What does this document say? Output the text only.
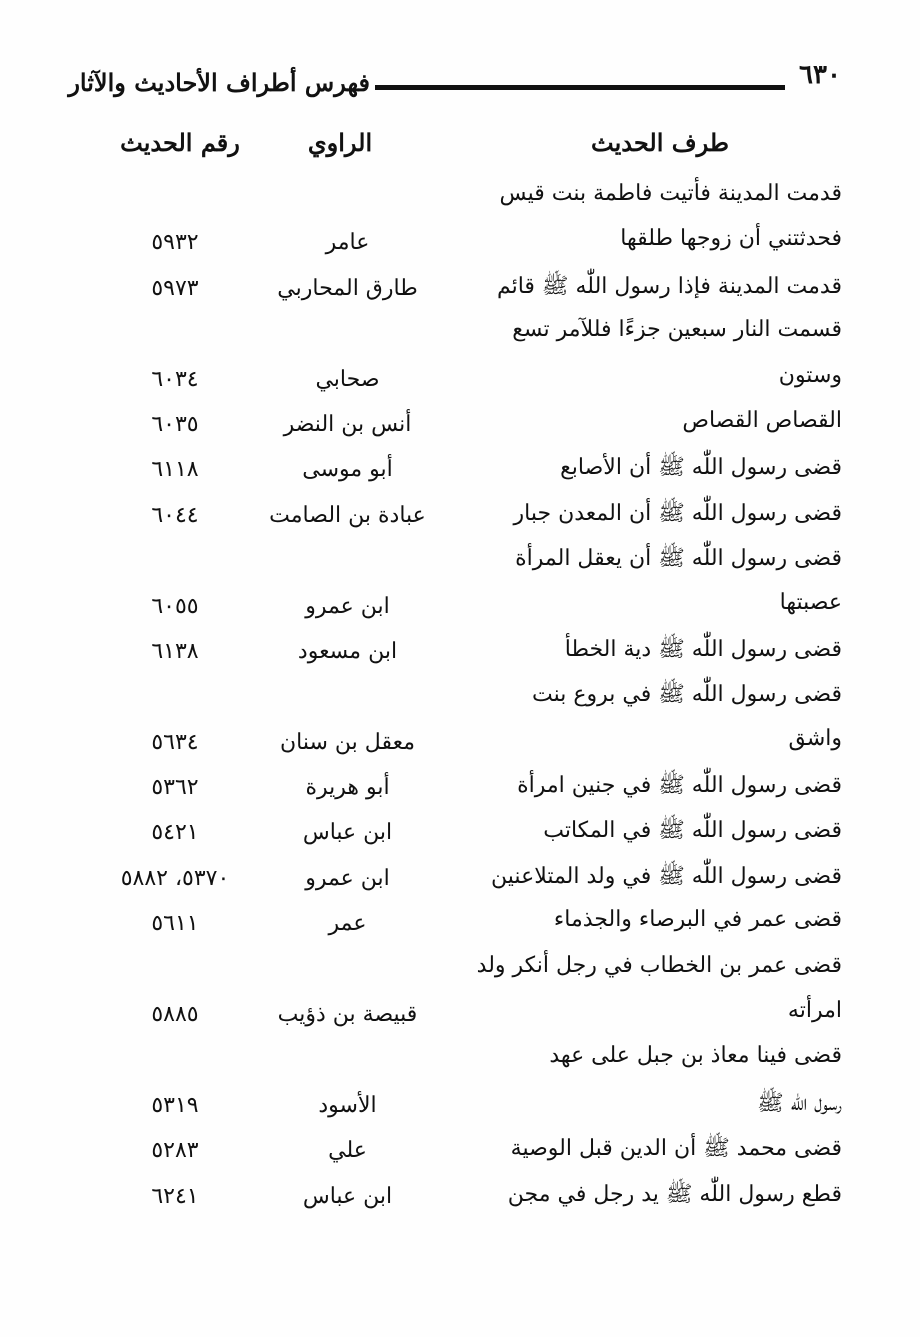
٦٣٠
فهرس أطراف الأحاديث والآثار
طرف الحديث
الراوي
رقم الحديث
قدمت المدينة فأتيت فاطمة بنت قيس
فحدثتني أن زوجها طلقها
عامر
٥٩٣٢
قدمت المدينة فإذا رسول اللّٰه ﷺ قائم
طارق المحاربي
٥٩٧٣
قسمت النار سبعين جزءًا فللآمر تسع
وستون
صحابي
٦٠٣٤
القصاص القصاص
أنس بن النضر
٦٠٣٥
قضى رسول اللّٰه ﷺ أن الأصابع
أبو موسى
٦١١٨
قضى رسول اللّٰه ﷺ أن المعدن جبار
عبادة بن الصامت
٦٠٤٤
قضى رسول اللّٰه ﷺ أن يعقل المرأة
عصبتها
ابن عمرو
٦٠٥٥
قضى رسول اللّٰه ﷺ دية الخطأ
ابن مسعود
٦١٣٨
قضى رسول اللّٰه ﷺ في بروع بنت
واشق
معقل بن سنان
٥٦٣٤
قضى رسول اللّٰه ﷺ في جنين امرأة
أبو هريرة
٥٣٦٢
قضى رسول اللّٰه ﷺ في المكاتب
ابن عباس
٥٤٢١
قضى رسول اللّٰه ﷺ في ولد المتلاعنين
ابن عمرو
٥٣٧٠، ٥٨٨٢
قضى عمر في البرصاء والجذماء
عمر
٥٦١١
قضى عمر بن الخطاب في رجل أنكر ولد
امرأته
قبيصة بن ذؤيب
٥٨٨٥
قضى فينا معاذ بن جبل على عهد
رسول اللّٰه ﷺ
الأسود
٥٣١٩
قضى محمد ﷺ أن الدين قبل الوصية
علي
٥٢٨٣
قطع رسول اللّٰه ﷺ يد رجل في مجن
ابن عباس
٦٢٤١
